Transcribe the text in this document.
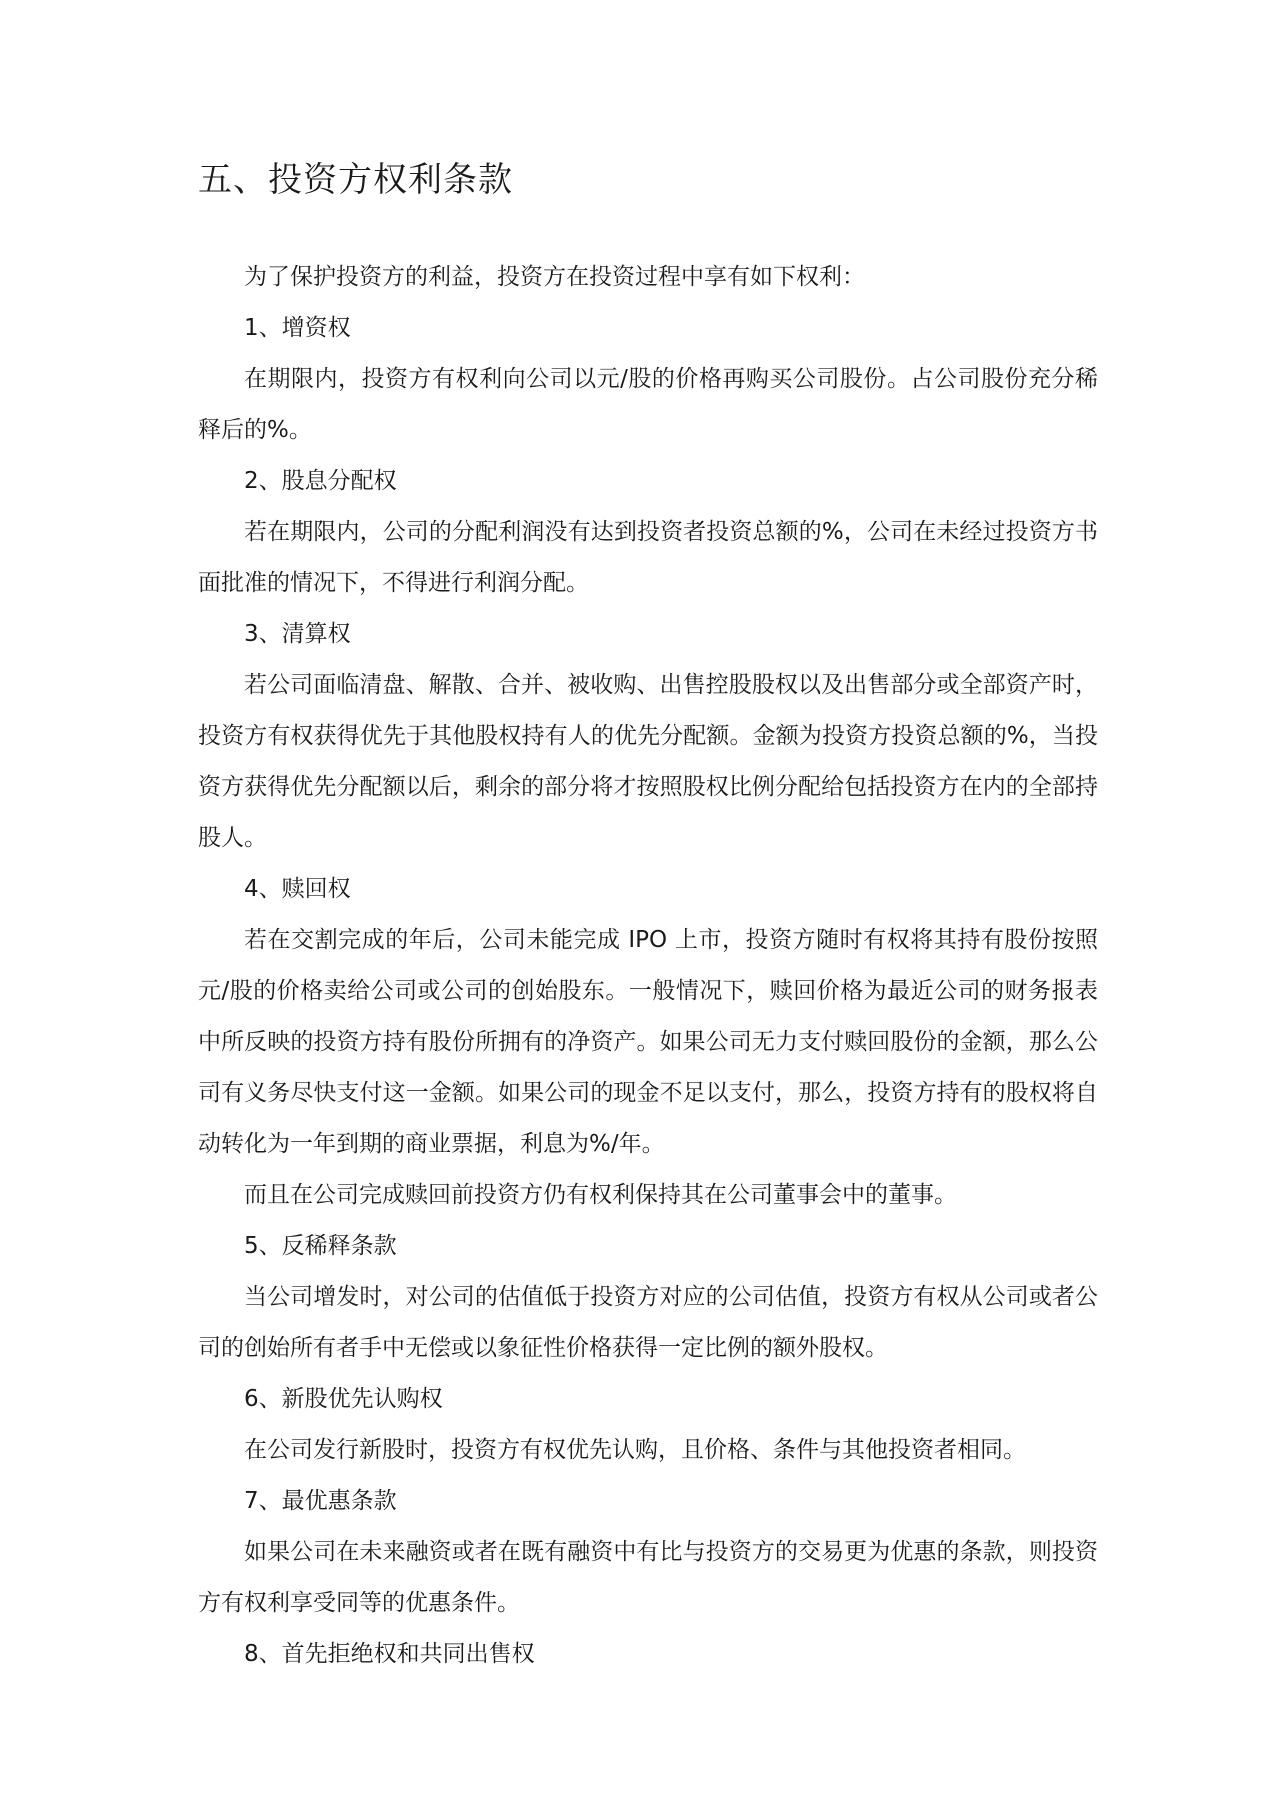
五、投资方权利条款

为了保护投资方的利益，投资方在投资过程中享有如下权利：

1、增资权

在期限内，投资方有权利向公司以元/股的价格再购买公司股份。占公司股份充分稀释后的%。

2、股息分配权

若在期限内，公司的分配利润没有达到投资者投资总额的%，公司在未经过投资方书面批准的情况下，不得进行利润分配。

3、清算权

若公司面临清盘、解散、合并、被收购、出售控股股权以及出售部分或全部资产时，投资方有权获得优先于其他股权持有人的优先分配额。金额为投资方投资总额的%，当投资方获得优先分配额以后，剩余的部分将才按照股权比例分配给包括投资方在内的全部持股人。

4、赎回权

若在交割完成的年后，公司未能完成 IPO 上市，投资方随时有权将其持有股份按照元/股的价格卖给公司或公司的创始股东。一般情况下，赎回价格为最近公司的财务报表中所反映的投资方持有股份所拥有的净资产。如果公司无力支付赎回股份的金额，那么公司有义务尽快支付这一金额。如果公司的现金不足以支付，那么，投资方持有的股权将自动转化为一年到期的商业票据，利息为%/年。

而且在公司完成赎回前投资方仍有权利保持其在公司董事会中的董事。

5、反稀释条款

当公司增发时，对公司的估值低于投资方对应的公司估值，投资方有权从公司或者公司的创始所有者手中无偿或以象征性价格获得一定比例的额外股权。

6、新股优先认购权

在公司发行新股时，投资方有权优先认购，且价格、条件与其他投资者相同。

7、最优惠条款

如果公司在未来融资或者在既有融资中有比与投资方的交易更为优惠的条款，则投资方有权利享受同等的优惠条件。

8、首先拒绝权和共同出售权
